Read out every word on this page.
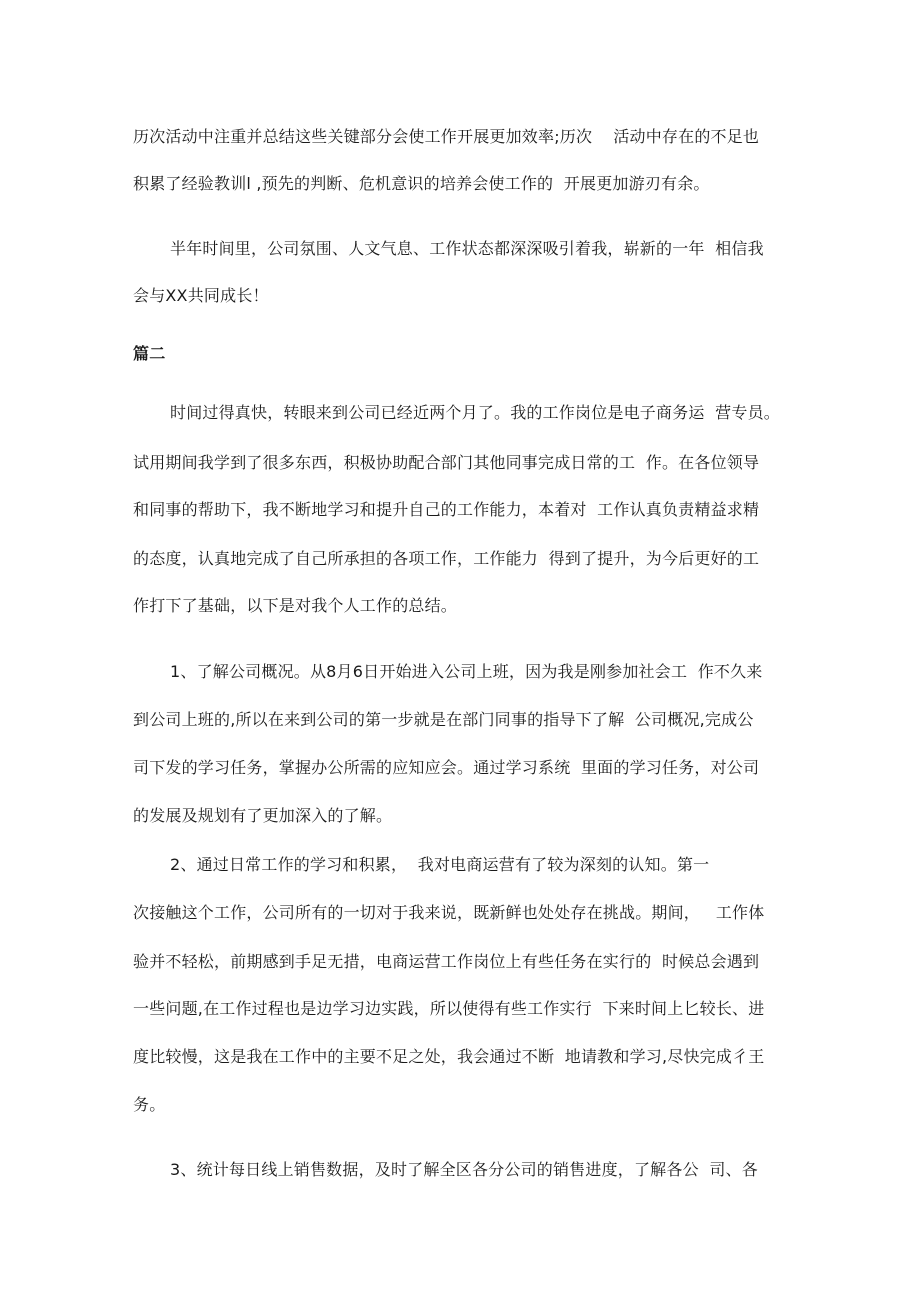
历次活动中注重并总结这些关键部分会使工作开展更加效率;历次    活动中存在的不足也
积累了经验教训l ,预先的判断、危机意识的培养会使工作的  开展更加游刃有余。
半年时间里，公司氛围、人文气息、工作状态都深深吸引着我，崭新的一年  相信我
会与XX共同成长！
篇二
时间过得真快，转眼来到公司已经近两个月了。我的工作岗位是电子商务运  营专员。
试用期间我学到了很多东西，积极协助配合部门其他同事完成日常的工  作。在各位领导
和同事的帮助下，我不断地学习和提升自己的工作能力，本着对  工作认真负责精益求精
的态度，认真地完成了自己所承担的各项工作，工作能力  得到了提升，为今后更好的工
作打下了基础，以下是对我个人工作的总结。
1、了解公司概况。从8月6日开始进入公司上班，因为我是刚参加社会工  作不久来
到公司上班的,所以在来到公司的第一步就是在部门同事的指导下了解  公司概况,完成公
司下发的学习任务，掌握办公所需的应知应会。通过学习系统  里面的学习任务，对公司
的发展及规划有了更加深入的了解。
2、通过日常工作的学习和积累，  我对电商运营有了较为深刻的认知。第一
次接触这个工作，公司所有的一切对于我来说，既新鲜也处处存在挑战。期间，   工作体
验并不轻松，前期感到手足无措，电商运营工作岗位上有些任务在实行的  时候总会遇到
一些问题,在工作过程也是边学习边实践，所以使得有些工作实行  下来时间上匕较长、进
度比较慢，这是我在工作中的主要不足之处，我会通过不断  地请教和学习,尽快完成彳王
务。
3、统计每日线上销售数据，及时了解全区各分公司的销售进度，了解各公  司、各
